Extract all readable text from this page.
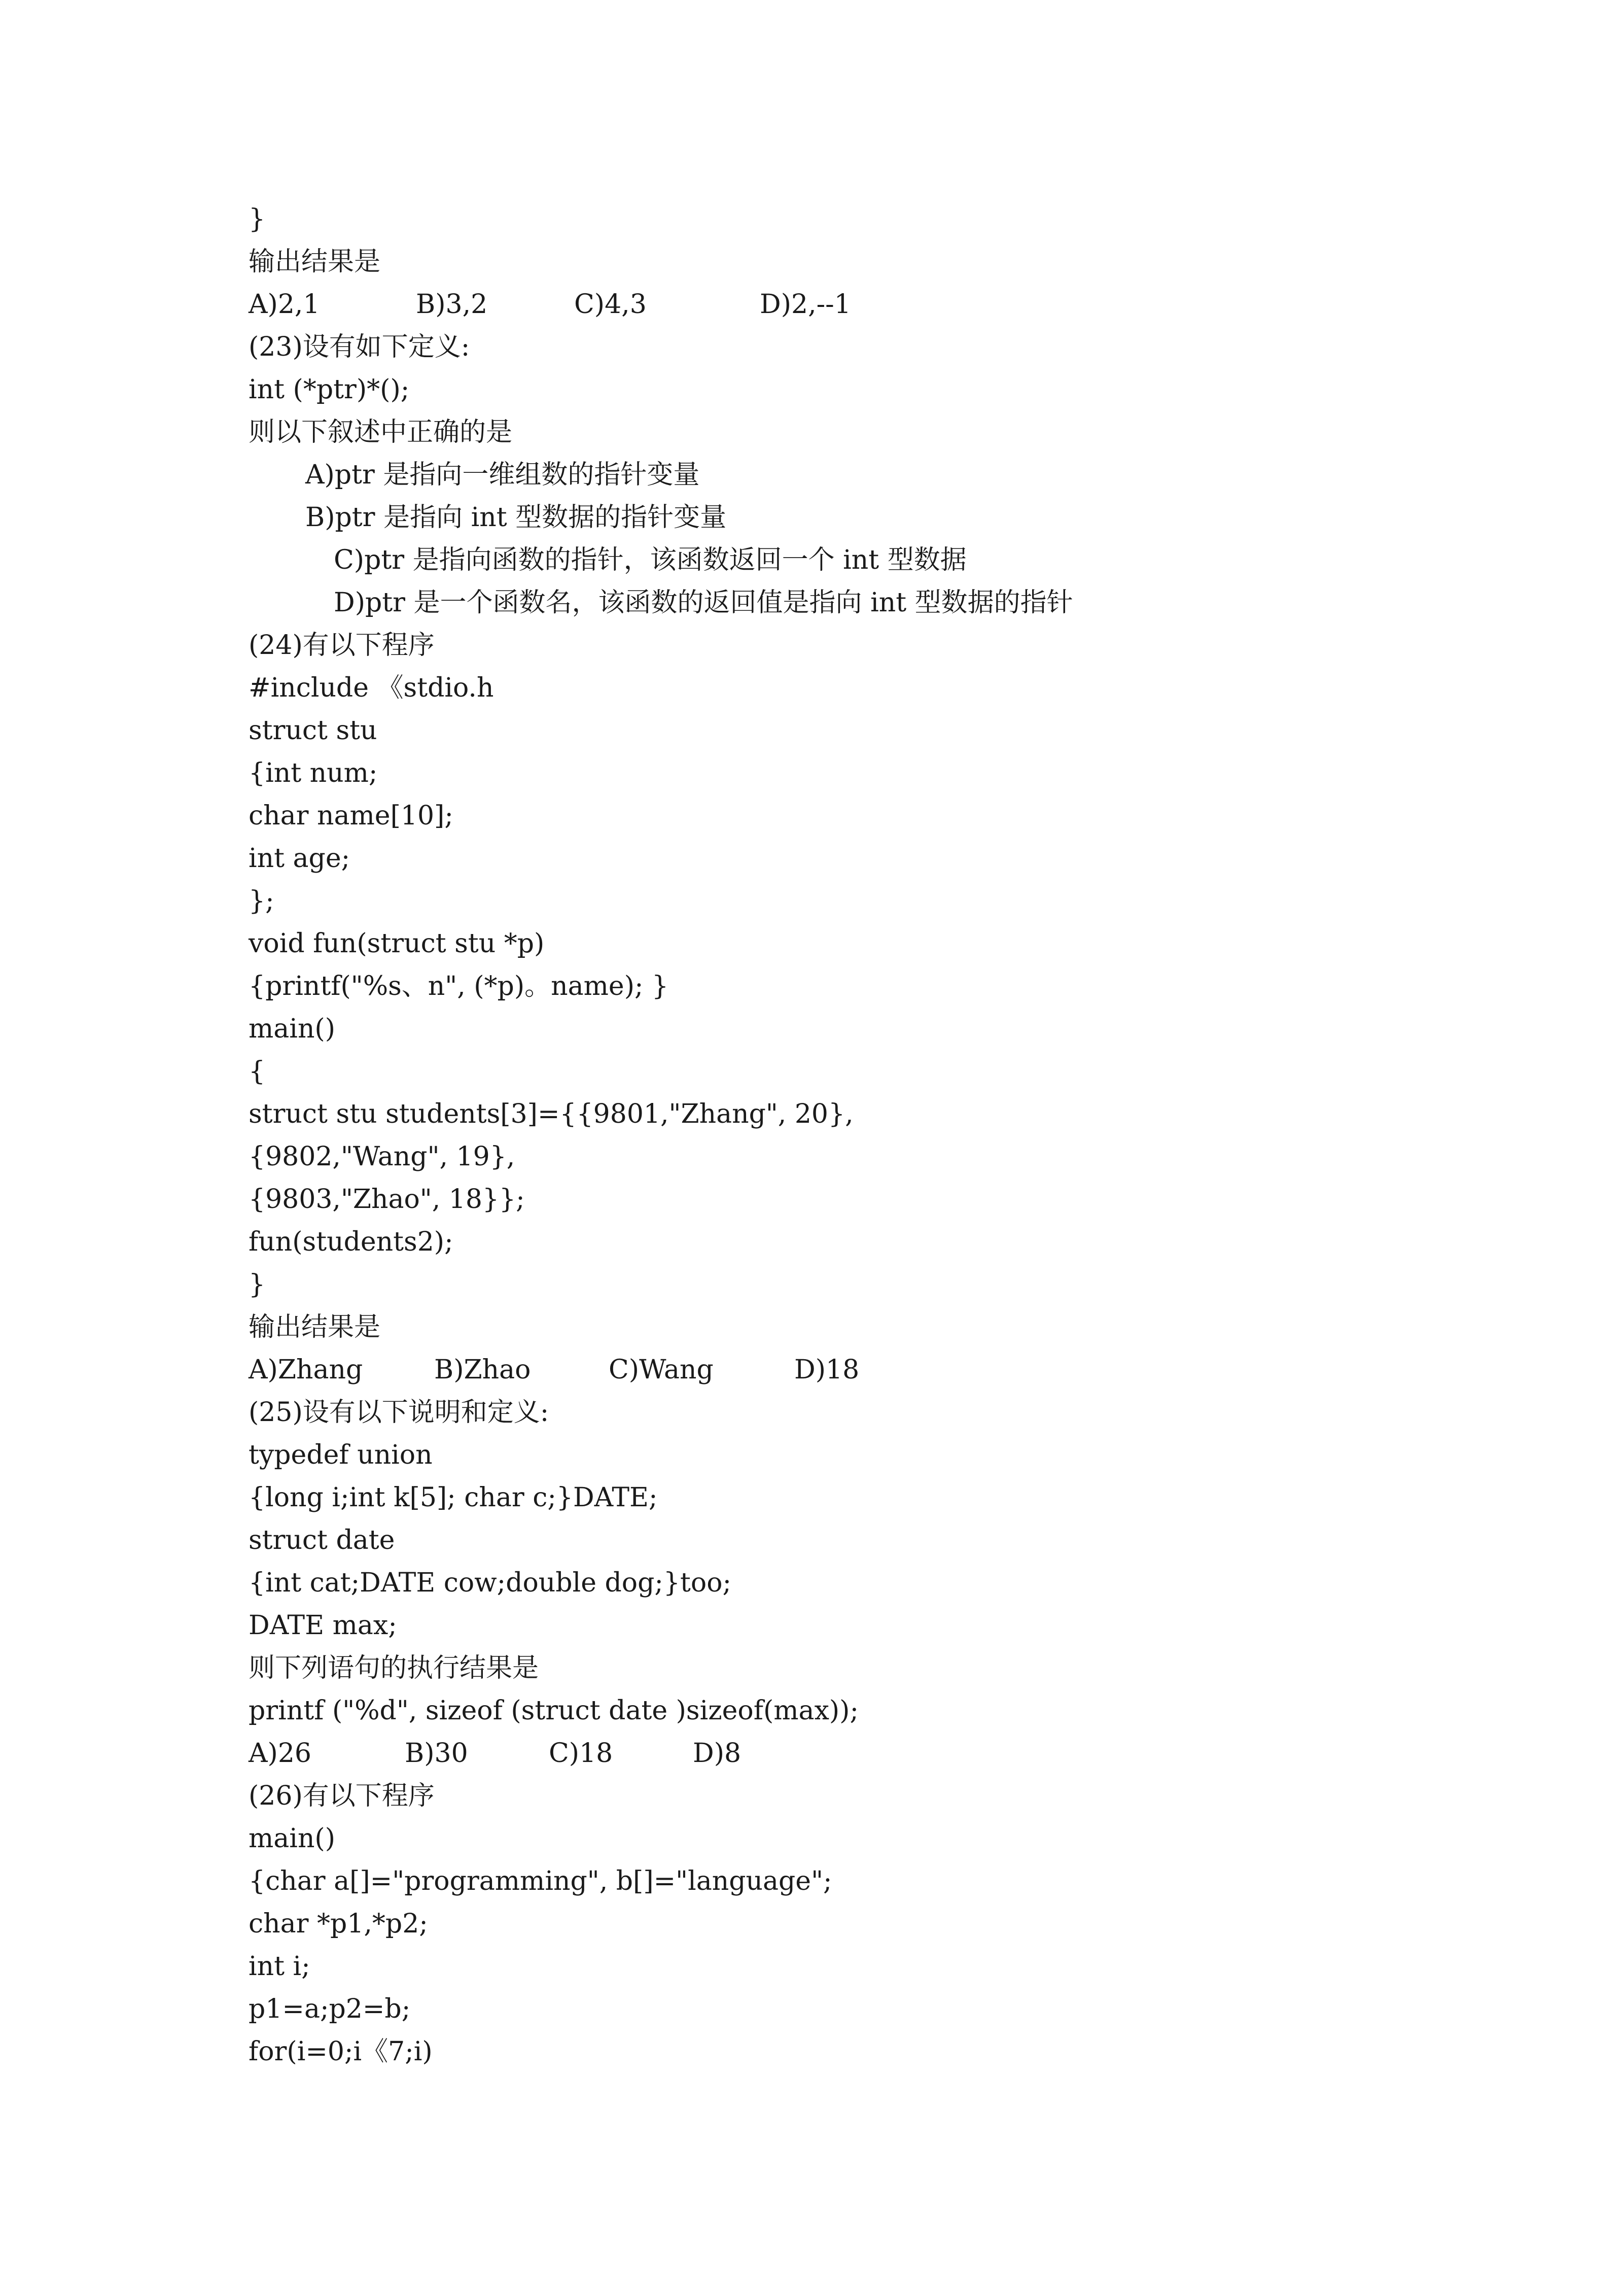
}
输出结果是
A)2,1	B)3,2	C)4,3	D)2,--1
(23)设有如下定义:
int (*ptr)*();
则以下叙述中正确的是
A)ptr 是指向一维组数的指针变量
B)ptr 是指向 int 型数据的指针变量
C)ptr 是指向函数的指针，该函数返回一个 int 型数据
D)ptr 是一个函数名，该函数的返回值是指向 int 型数据的指针
(24)有以下程序
#include 《stdio.h
struct stu
{int num;
char name[10];
int age;
};
void fun(struct stu *p)
{printf("%s、n", (*p)。name); }
main()
{
struct stu students[3]={{9801,"Zhang", 20},
{9802,"Wang", 19},
{9803,"Zhao", 18}};
fun(students2);
}
输出结果是
A)Zhang	B)Zhao	C)Wang	D)18
(25)设有以下说明和定义:
typedef union
{long i;int k[5]; char c;}DATE;
struct date
{int cat;DATE cow;double dog;}too;
DATE max;
则下列语句的执行结果是
printf ("%d", sizeof (struct date )sizeof(max));
A)26	B)30	C)18	D)8
(26)有以下程序
main()
{char a[]="programming", b[]="language";
char *p1,*p2;
int i;
p1=a;p2=b;
for(i=0;i《7;i)
